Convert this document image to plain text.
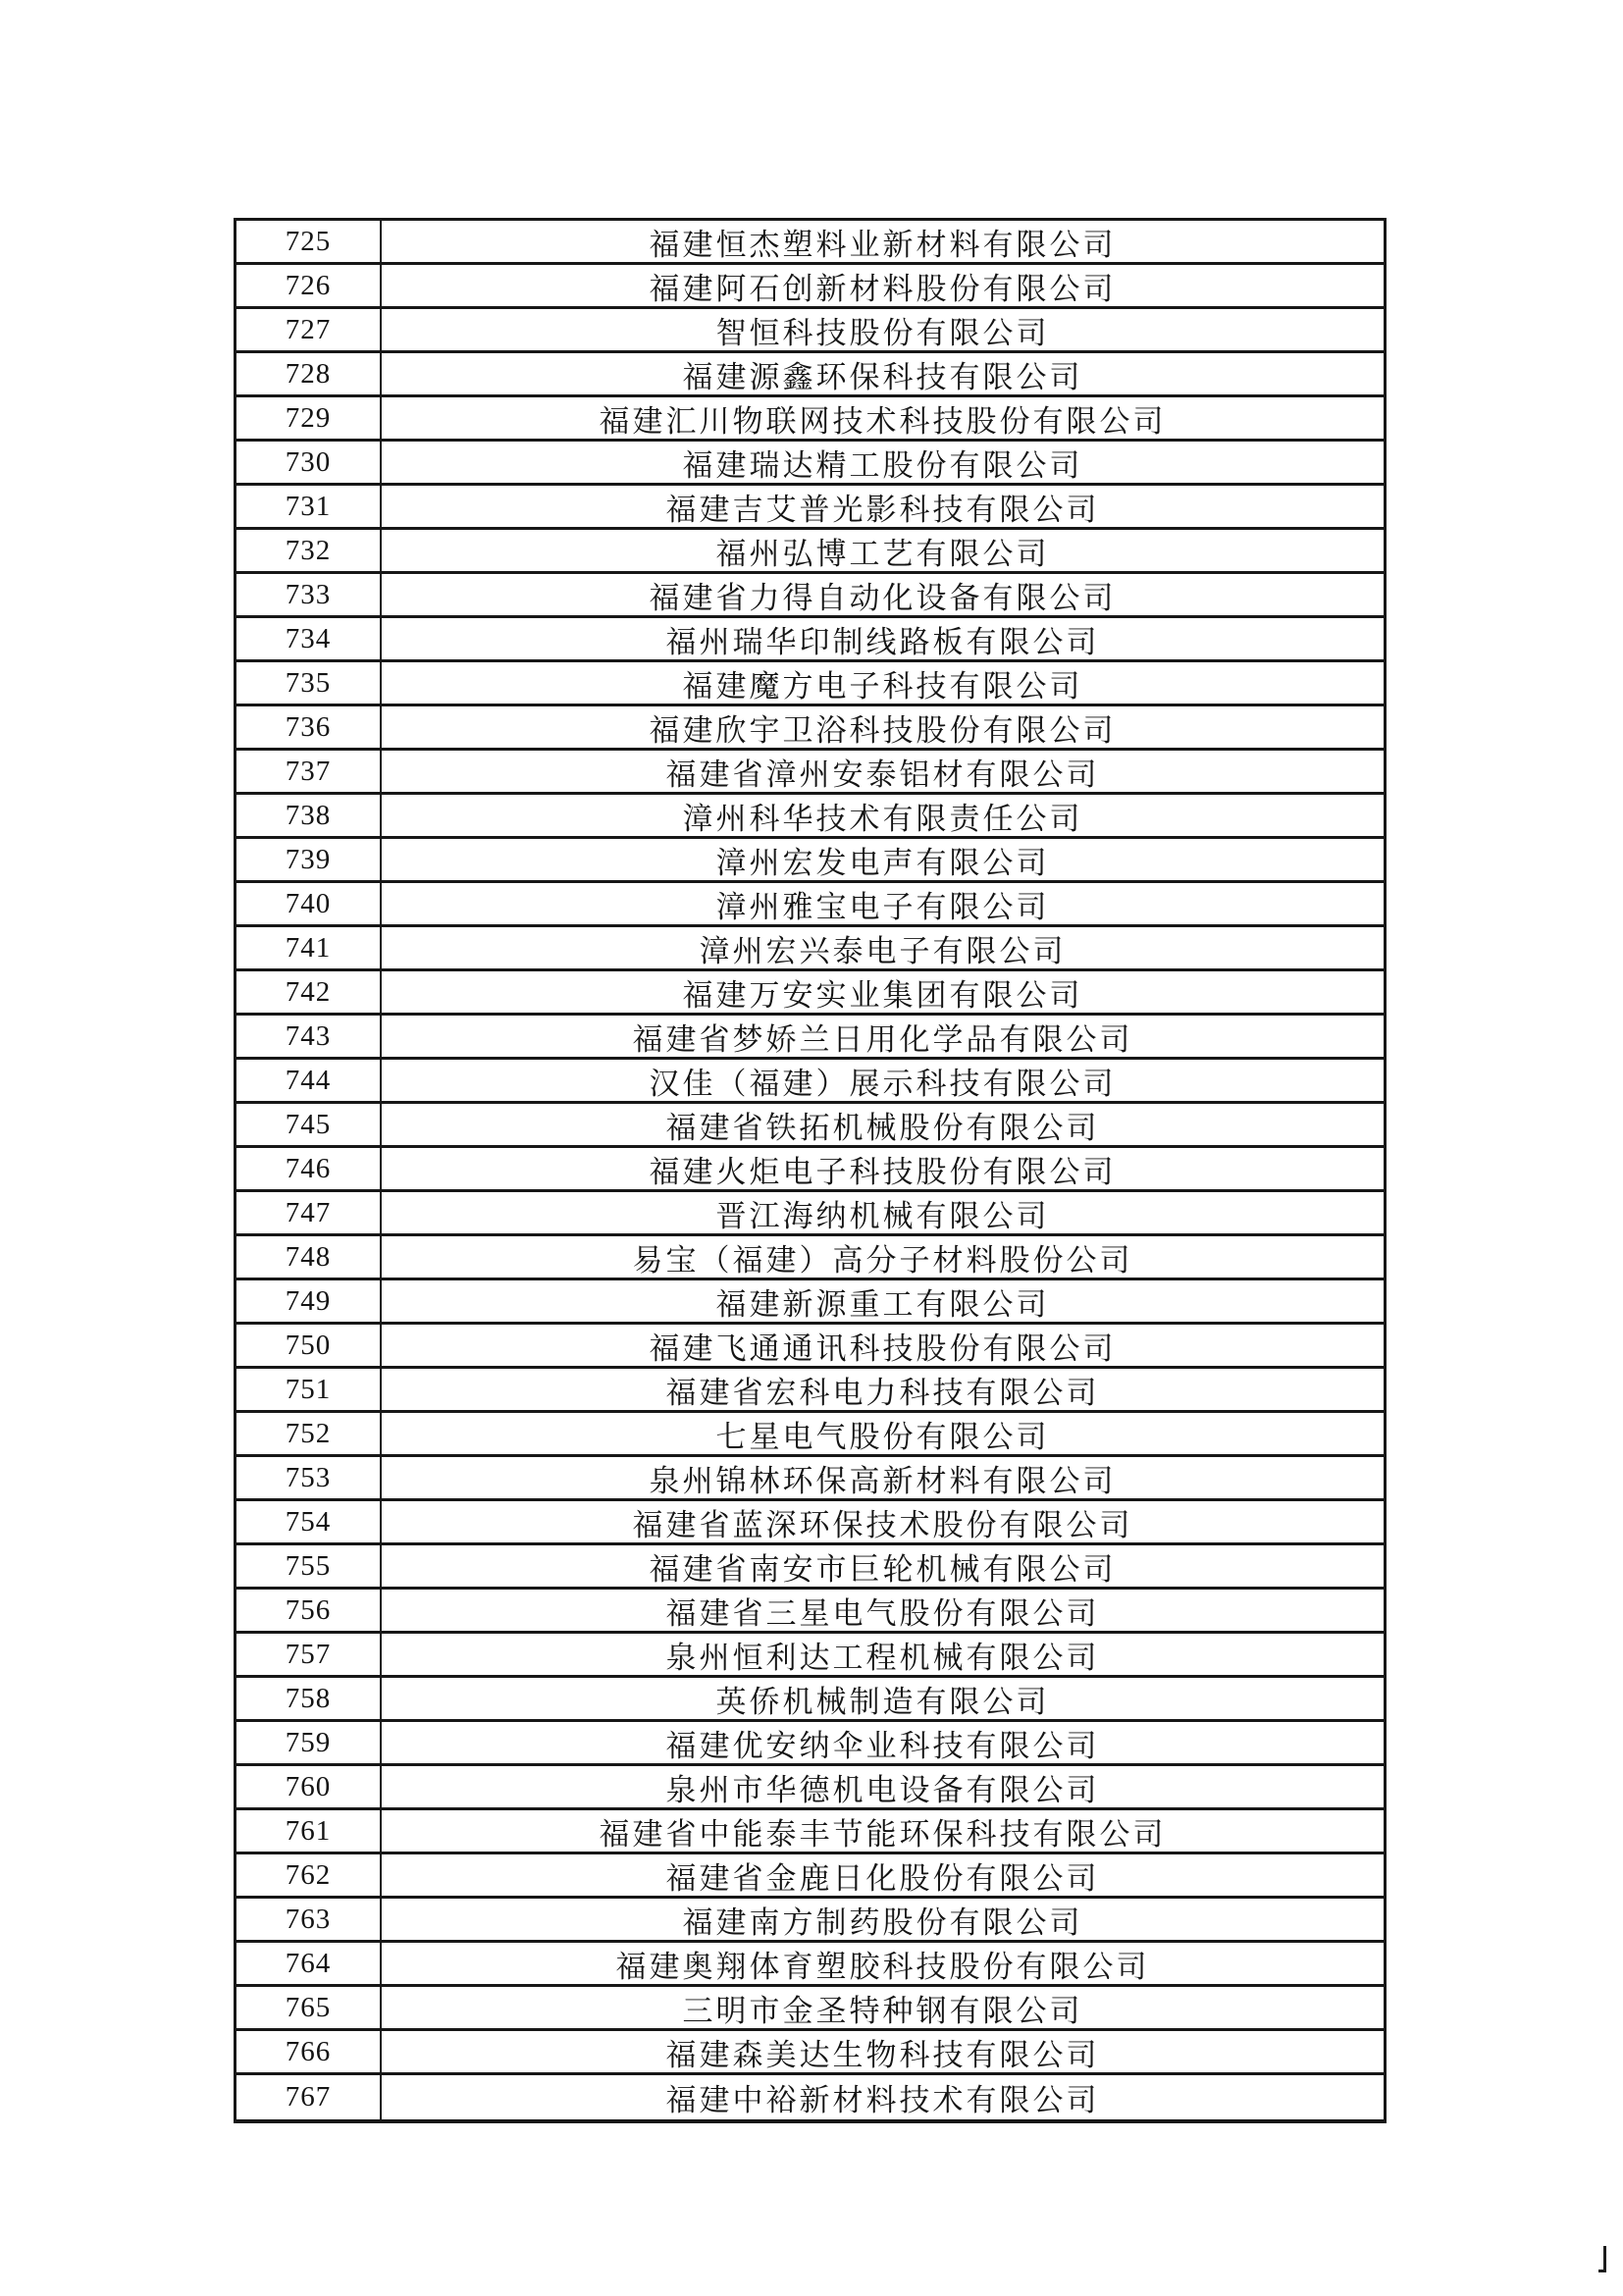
725	福建恒杰塑料业新材料有限公司
726	福建阿石创新材料股份有限公司
727	智恒科技股份有限公司
728	福建源鑫环保科技有限公司
729	福建汇川物联网技术科技股份有限公司
730	福建瑞达精工股份有限公司
731	福建吉艾普光影科技有限公司
732	福州弘博工艺有限公司
733	福建省力得自动化设备有限公司
734	福州瑞华印制线路板有限公司
735	福建魔方电子科技有限公司
736	福建欣宇卫浴科技股份有限公司
737	福建省漳州安泰铝材有限公司
738	漳州科华技术有限责任公司
739	漳州宏发电声有限公司
740	漳州雅宝电子有限公司
741	漳州宏兴泰电子有限公司
742	福建万安实业集团有限公司
743	福建省梦娇兰日用化学品有限公司
744	汉佳（福建）展示科技有限公司
745	福建省铁拓机械股份有限公司
746	福建火炬电子科技股份有限公司
747	晋江海纳机械有限公司
748	易宝（福建）高分子材料股份公司
749	福建新源重工有限公司
750	福建飞通通讯科技股份有限公司
751	福建省宏科电力科技有限公司
752	七星电气股份有限公司
753	泉州锦林环保高新材料有限公司
754	福建省蓝深环保技术股份有限公司
755	福建省南安市巨轮机械有限公司
756	福建省三星电气股份有限公司
757	泉州恒利达工程机械有限公司
758	英侨机械制造有限公司
759	福建优安纳伞业科技有限公司
760	泉州市华德机电设备有限公司
761	福建省中能泰丰节能环保科技有限公司
762	福建省金鹿日化股份有限公司
763	福建南方制药股份有限公司
764	福建奥翔体育塑胶科技股份有限公司
765	三明市金圣特种钢有限公司
766	福建森美达生物科技有限公司
767	福建中裕新材料技术有限公司
